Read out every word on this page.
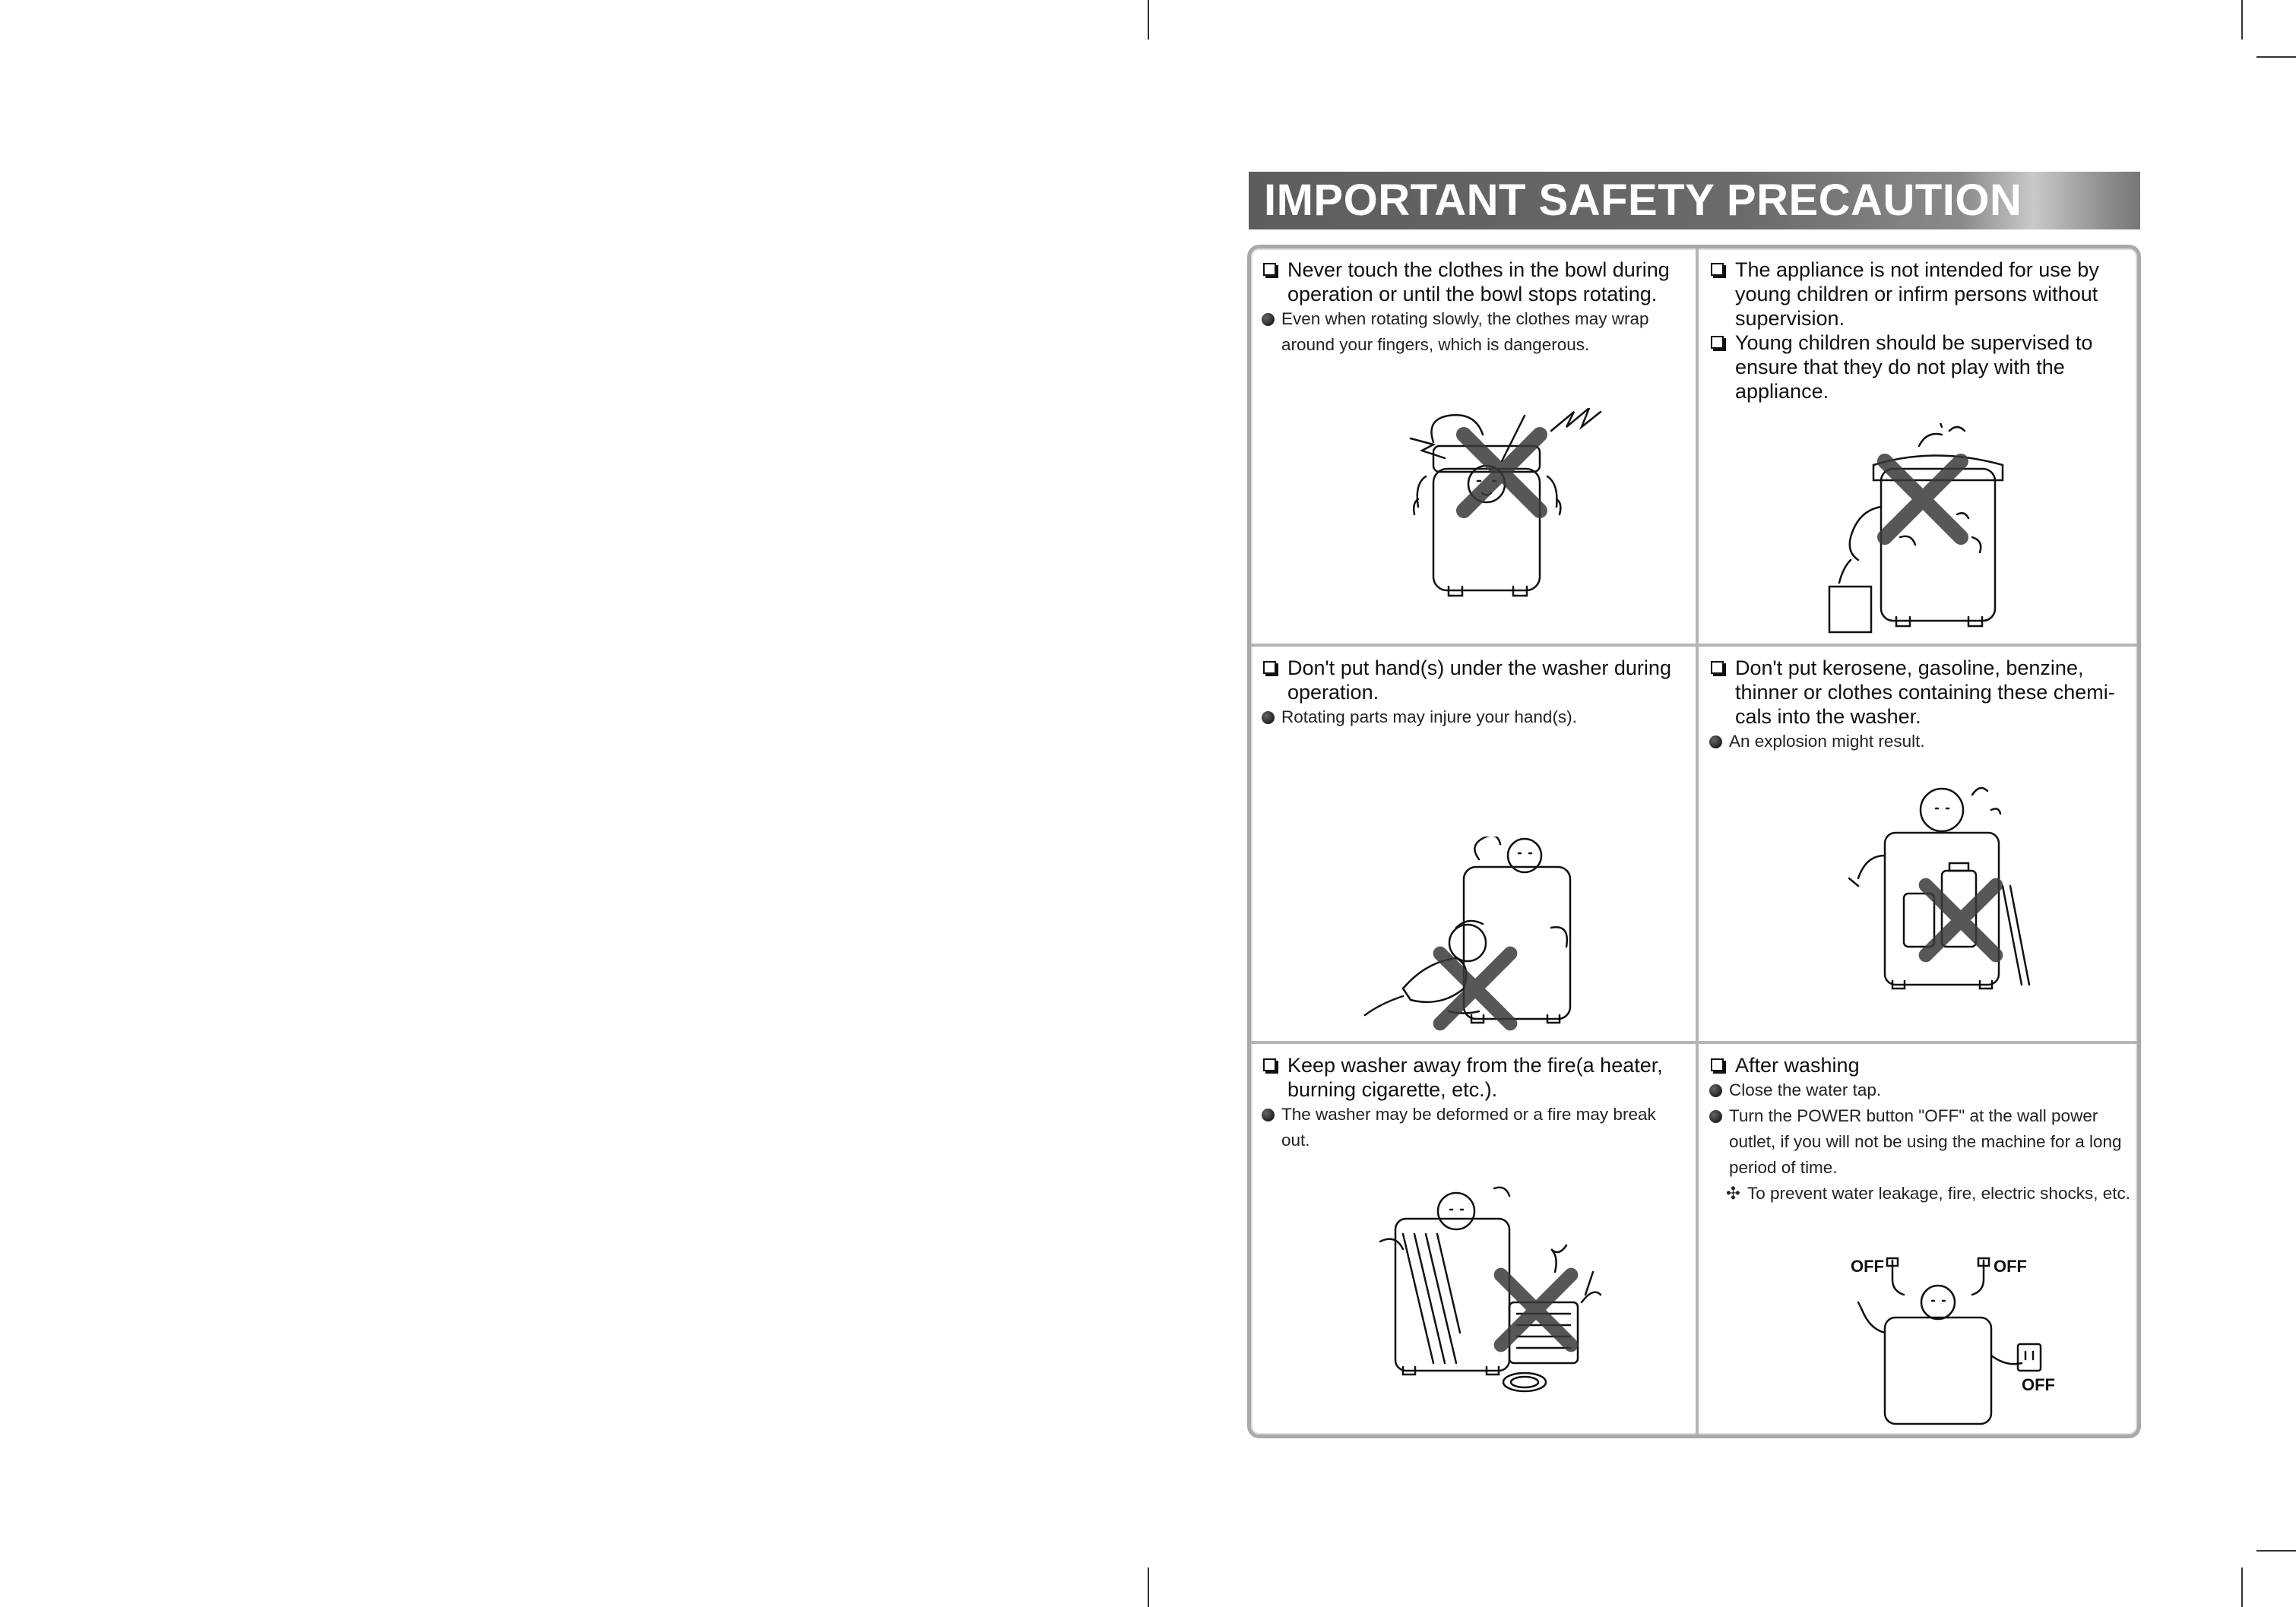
IMPORTANT SAFETY PRECAUTION
Never touch the clothes in the bowl during operation or until the bowl stops rotating.
Even when rotating slowly, the clothes may wrap around your fingers, which is dangerous.
The appliance is not intended for use by young children or infirm persons without supervision.
Young children should be supervised to ensure that they do not play with the appliance.
Don't put hand(s) under the washer during operation.
Rotating parts may injure your hand(s).
Don't put kerosene, gasoline, benzine, thinner or clothes containing these chemi-cals into the washer.
An explosion might result.
Keep washer away from the fire(a heater, burning cigarette, etc.).
The washer may be deformed or a fire may break out.
After washing
Close the water tap.
Turn the POWER button "OFF" at the wall power outlet, if you will not be using the machine for a long period of time.
✣ To prevent water leakage, fire, electric shocks, etc.
OFF	OFF
OFF
